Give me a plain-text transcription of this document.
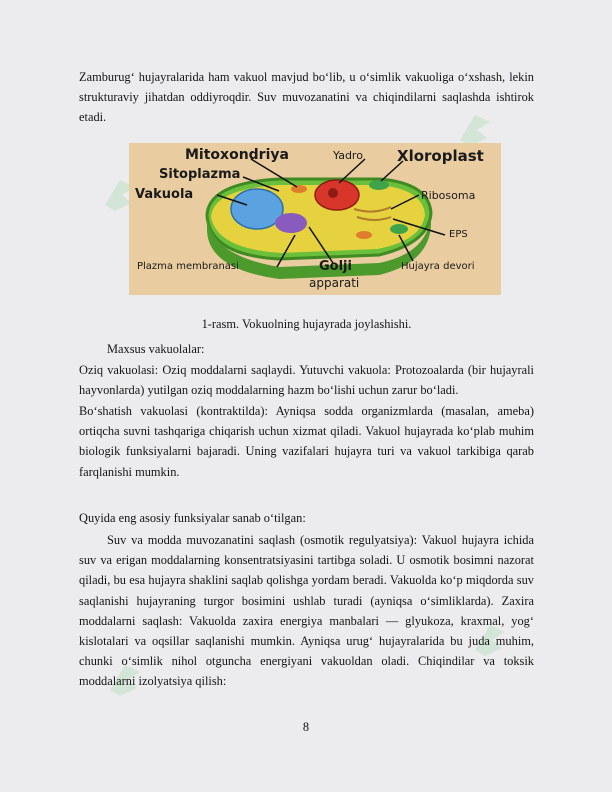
Zamburug‘ hujayralarida ham vakuol mavjud bo‘lib, u o‘simlik vakuoliga o‘xshash, lekin strukturaviy jihatdan oddiyroqdir. Suv muvozanatini va chiqindilarni saqlashda ishtirok etadi.

Mitoxondriya	Yadro Xloroplast
Sitoplazma
Vakuola	Ribosoma
EPS
Plazma membranasi	Golji
apparati
Hujayra devori
1-rasm. Vokuolning hujayrada joylashishi.

Maxsus vakuolalar:

Oziq vakuolasi: Oziq moddalarni saqlaydi. Yutuvchi vakuola: Protozoalarda (bir hujayrali hayvonlarda) yutilgan oziq moddalarning hazm bo‘lishi uchun zarur bo‘ladi.

Bo‘shatish vakuolasi (kontraktilda): Ayniqsa sodda organizmlarda (masalan, ameba) ortiqcha suvni tashqariga chiqarish uchun xizmat qiladi. Vakuol hujayrada ko‘plab muhim biologik funksiyalarni bajaradi. Uning vazifalari hujayra turi va vakuol tarkibiga qarab farqlanishi mumkin.

Quyida eng asosiy funksiyalar sanab o‘tilgan:

Suv va modda muvozanatini saqlash (osmotik regulyatsiya): Vakuol hujayra ichida suv va erigan moddalarning konsentratsiyasini tartibga soladi. U osmotik bosimni nazorat qiladi, bu esa hujayra shaklini saqlab qolishga yordam beradi. Vakuolda ko‘p miqdorda suv saqlanishi hujayraning turgor bosimini ushlab turadi (ayniqsa o‘simliklarda). Zaxira moddalarni saqlash: Vakuolda zaxira energiya manbalari — glyukoza, kraxmal, yog‘ kislotalari va oqsillar saqlanishi mumkin. Ayniqsa urug‘ hujayralarida bu juda muhim, chunki o‘simlik nihol otguncha energiyani vakuoldan oladi. Chiqindilar va toksik moddalarni izolyatsiya qilish:

8
